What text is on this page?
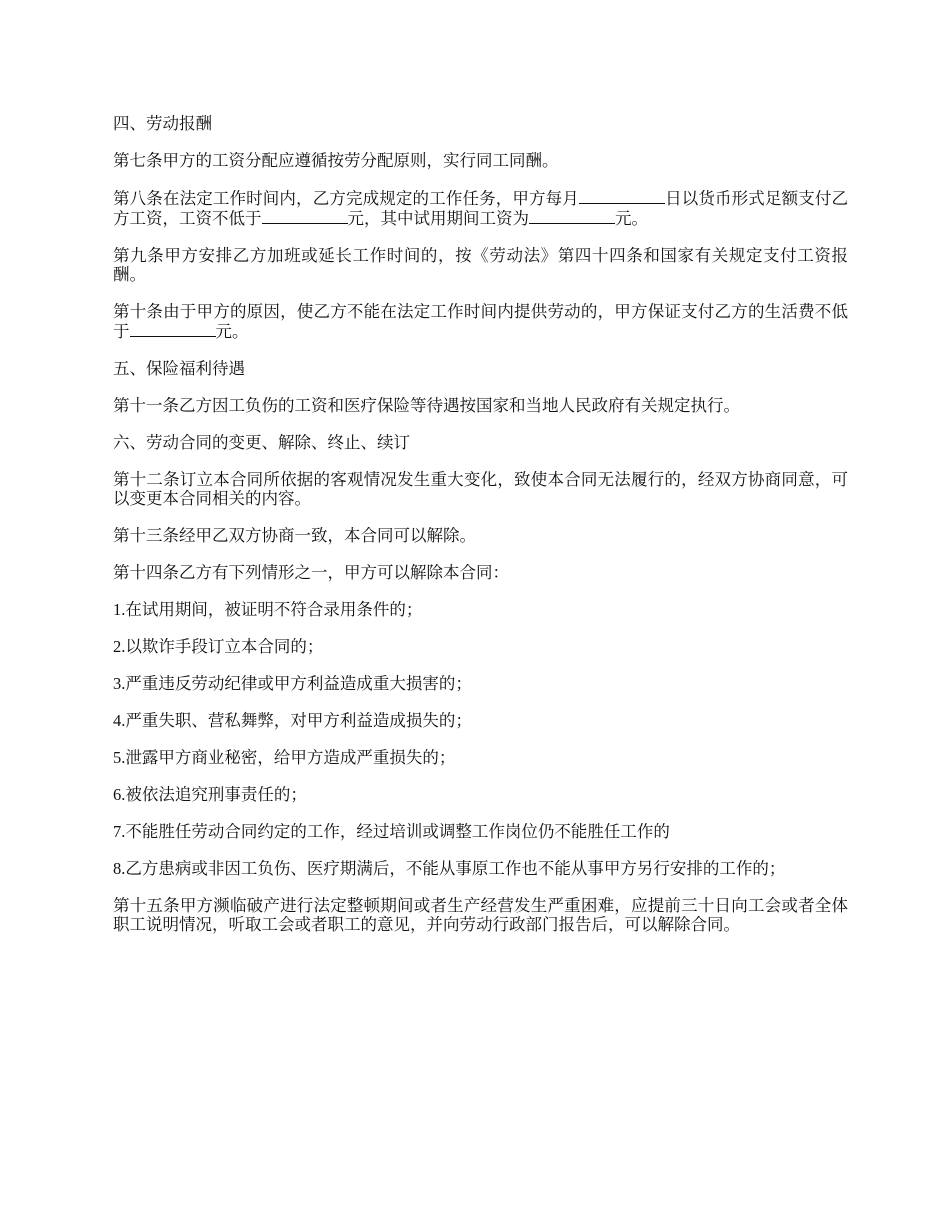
四、劳动报酬

第七条甲方的工资分配应遵循按劳分配原则，实行同工同酬。

第八条在法定工作时间内，乙方完成规定的工作任务，甲方每月	日以货币形式足额支付乙方工资，工资不低于	元，其中试用期间工资为	元。

第九条甲方安排乙方加班或延长工作时间的，按《劳动法》第四十四条和国家有关规定支付工资报酬。

第十条由于甲方的原因，使乙方不能在法定工作时间内提供劳动的，甲方保证支付乙方的生活费不低于	元。

五、保险福利待遇

第十一条乙方因工负伤的工资和医疗保险等待遇按国家和当地人民政府有关规定执行。

六、劳动合同的变更、解除、终止、续订

第十二条订立本合同所依据的客观情况发生重大变化，致使本合同无法履行的，经双方协商同意，可以变更本合同相关的内容。

第十三条经甲乙双方协商一致，本合同可以解除。

第十四条乙方有下列情形之一，甲方可以解除本合同：

1.在试用期间，被证明不符合录用条件的；

2.以欺诈手段订立本合同的；

3.严重违反劳动纪律或甲方利益造成重大损害的；

4.严重失职、营私舞弊，对甲方利益造成损失的；

5.泄露甲方商业秘密，给甲方造成严重损失的；

6.被依法追究刑事责任的；

7.不能胜任劳动合同约定的工作，经过培训或调整工作岗位仍不能胜任工作的

8.乙方患病或非因工负伤、医疗期满后，不能从事原工作也不能从事甲方另行安排的工作的；

第十五条甲方濒临破产进行法定整顿期间或者生产经营发生严重困难，应提前三十日向工会或者全体职工说明情况，听取工会或者职工的意见，并向劳动行政部门报告后，可以解除合同。
